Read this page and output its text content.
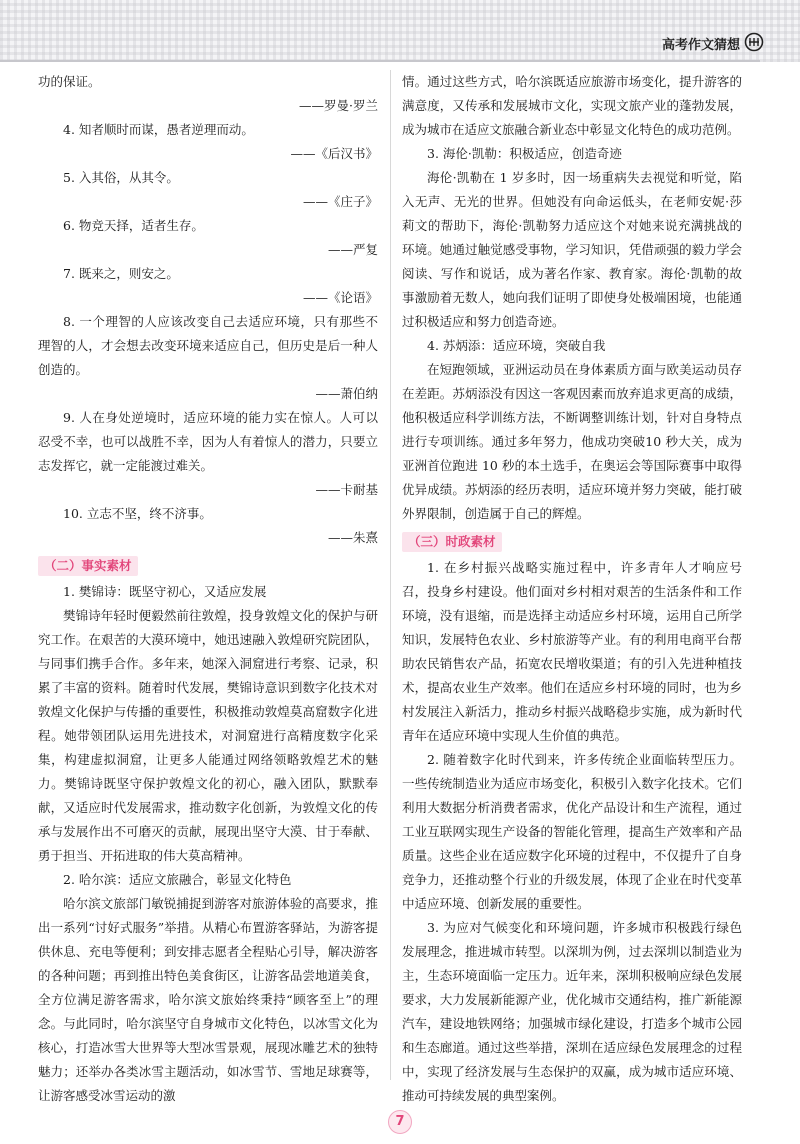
高考作文猜想

功的保证。

——罗曼·罗兰

4. 知者顺时而谋，愚者逆理而动。

——《后汉书》

5. 入其俗，从其令。

——《庄子》

6. 物竞天择，适者生存。

——严复

7. 既来之，则安之。

——《论语》

8. 一个理智的人应该改变自己去适应环境，只有那些不理智的人，才会想去改变环境来适应自己，但历史是后一种人创造的。

——萧伯纳

9. 人在身处逆境时，适应环境的能力实在惊人。人可以忍受不幸，也可以战胜不幸，因为人有着惊人的潜力，只要立志发挥它，就一定能渡过难关。

——卡耐基

10. 立志不坚，终不济事。

——朱熹

（二）事实素材

1. 樊锦诗：既坚守初心，又适应发展

樊锦诗年轻时便毅然前往敦煌，投身敦煌文化的保护与研究工作。在艰苦的大漠环境中，她迅速融入敦煌研究院团队，与同事们携手合作。多年来，她深入洞窟进行考察、记录，积累了丰富的资料。随着时代发展，樊锦诗意识到数字化技术对敦煌文化保护与传播的重要性，积极推动敦煌莫高窟数字化进程。她带领团队运用先进技术，对洞窟进行高精度数字化采集，构建虚拟洞窟，让更多人能通过网络领略敦煌艺术的魅力。樊锦诗既坚守保护敦煌文化的初心，融入团队，默默奉献，又适应时代发展需求，推动数字化创新，为敦煌文化的传承与发展作出不可磨灭的贡献，展现出坚守大漠、甘于奉献、勇于担当、开拓进取的伟大莫高精神。

2. 哈尔滨：适应文旅融合，彰显文化特色

哈尔滨文旅部门敏锐捕捉到游客对旅游体验的高要求，推出一系列“讨好式服务”举措。从精心布置游客驿站，为游客提供休息、充电等便利；到安排志愿者全程贴心引导，解决游客的各种问题；再到推出特色美食街区，让游客品尝地道美食，全方位满足游客需求，哈尔滨文旅始终秉持“顾客至上”的理念。与此同时，哈尔滨坚守自身城市文化特色，以冰雪文化为核心，打造冰雪大世界等大型冰雪景观，展现冰雕艺术的独特魅力；还举办各类冰雪主题活动，如冰雪节、雪地足球赛等，让游客感受冰雪运动的激

情。通过这些方式，哈尔滨既适应旅游市场变化，提升游客的满意度，又传承和发展城市文化，实现文旅产业的蓬勃发展，成为城市在适应文旅融合新业态中彰显文化特色的成功范例。

3. 海伦·凯勒：积极适应，创造奇迹

海伦·凯勒在 1 岁多时，因一场重病失去视觉和听觉，陷入无声、无光的世界。但她没有向命运低头，在老师安妮·莎莉文的帮助下，海伦·凯勒努力适应这个对她来说充满挑战的环境。她通过触觉感受事物，学习知识，凭借顽强的毅力学会阅读、写作和说话，成为著名作家、教育家。海伦·凯勒的故事激励着无数人，她向我们证明了即使身处极端困境，也能通过积极适应和努力创造奇迹。

4. 苏炳添：适应环境，突破自我

在短跑领域，亚洲运动员在身体素质方面与欧美运动员存在差距。苏炳添没有因这一客观因素而放弃追求更高的成绩，他积极适应科学训练方法，不断调整训练计划，针对自身特点进行专项训练。通过多年努力，他成功突破10 秒大关，成为亚洲首位跑进 10 秒的本土选手，在奥运会等国际赛事中取得优异成绩。苏炳添的经历表明，适应环境并努力突破，能打破外界限制，创造属于自己的辉煌。

（三）时政素材

1. 在乡村振兴战略实施过程中，许多青年人才响应号召，投身乡村建设。他们面对乡村相对艰苦的生活条件和工作环境，没有退缩，而是选择主动适应乡村环境，运用自己所学知识，发展特色农业、乡村旅游等产业。有的利用电商平台帮助农民销售农产品，拓宽农民增收渠道；有的引入先进种植技术，提高农业生产效率。他们在适应乡村环境的同时，也为乡村发展注入新活力，推动乡村振兴战略稳步实施，成为新时代青年在适应环境中实现人生价值的典范。

2. 随着数字化时代到来，许多传统企业面临转型压力。一些传统制造业为适应市场变化，积极引入数字化技术。它们利用大数据分析消费者需求，优化产品设计和生产流程，通过工业互联网实现生产设备的智能化管理，提高生产效率和产品质量。这些企业在适应数字化环境的过程中，不仅提升了自身竞争力，还推动整个行业的升级发展，体现了企业在时代变革中适应环境、创新发展的重要性。

3. 为应对气候变化和环境问题，许多城市积极践行绿色发展理念，推进城市转型。以深圳为例，过去深圳以制造业为主，生态环境面临一定压力。近年来，深圳积极响应绿色发展要求，大力发展新能源产业，优化城市交通结构，推广新能源汽车，建设地铁网络；加强城市绿化建设，打造多个城市公园和生态廊道。通过这些举措，深圳在适应绿色发展理念的过程中，实现了经济发展与生态保护的双赢，成为城市适应环境、推动可持续发展的典型案例。

7
